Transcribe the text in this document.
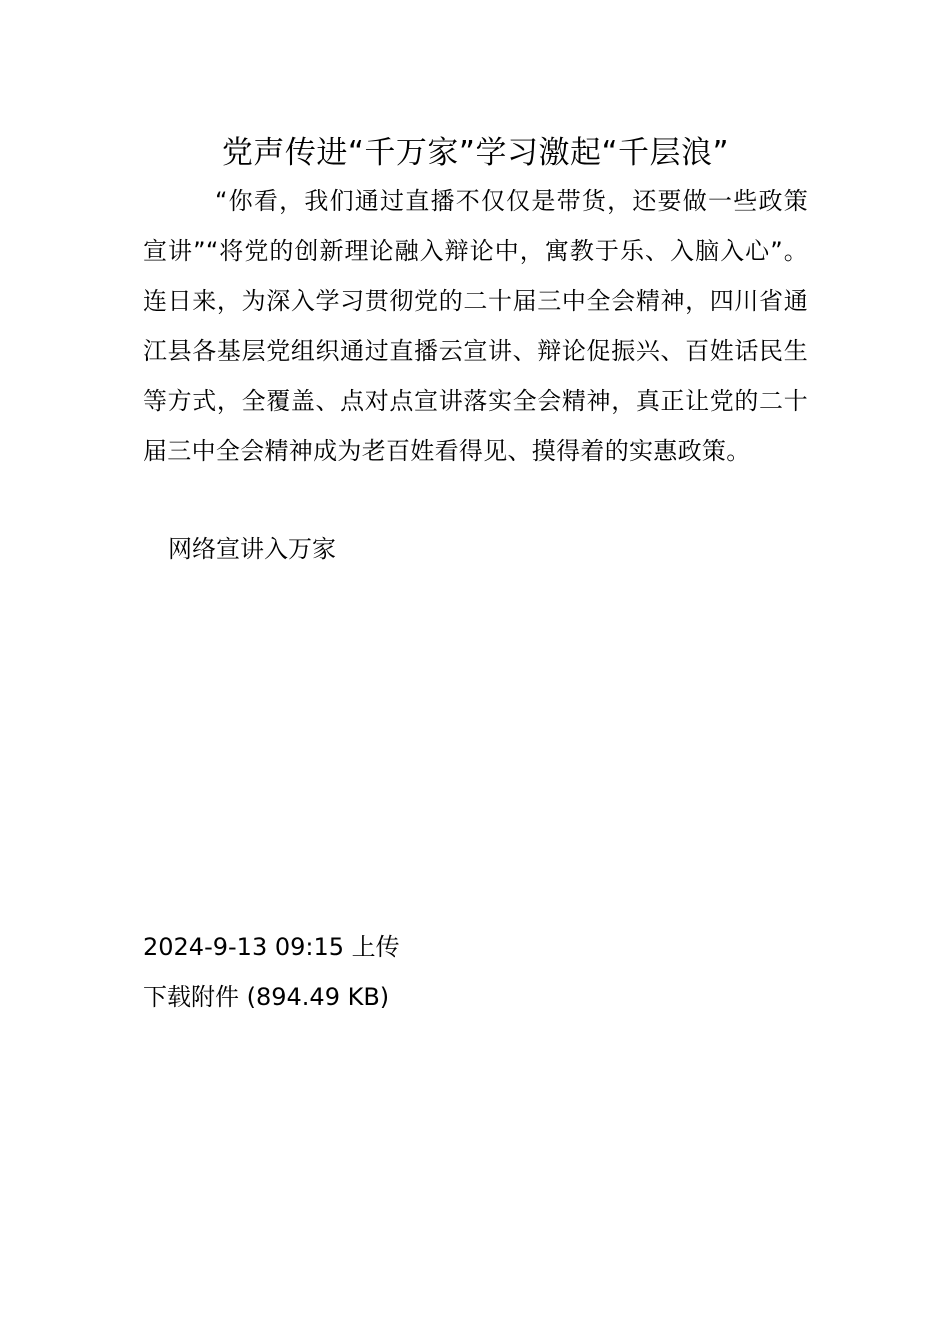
党声传进“千万家”学习激起“千层浪”

“你看，我们通过直播不仅仅是带货，还要做一些政策宣讲”“将党的创新理论融入辩论中，寓教于乐、入脑入心”。连日来，为深入学习贯彻党的二十届三中全会精神，四川省通江县各基层党组织通过直播云宣讲、辩论促振兴、百姓话民生等方式，全覆盖、点对点宣讲落实全会精神，真正让党的二十届三中全会精神成为老百姓看得见、摸得着的实惠政策。

网络宣讲入万家

2024-9-13 09:15 上传

下载附件 (894.49 KB)
